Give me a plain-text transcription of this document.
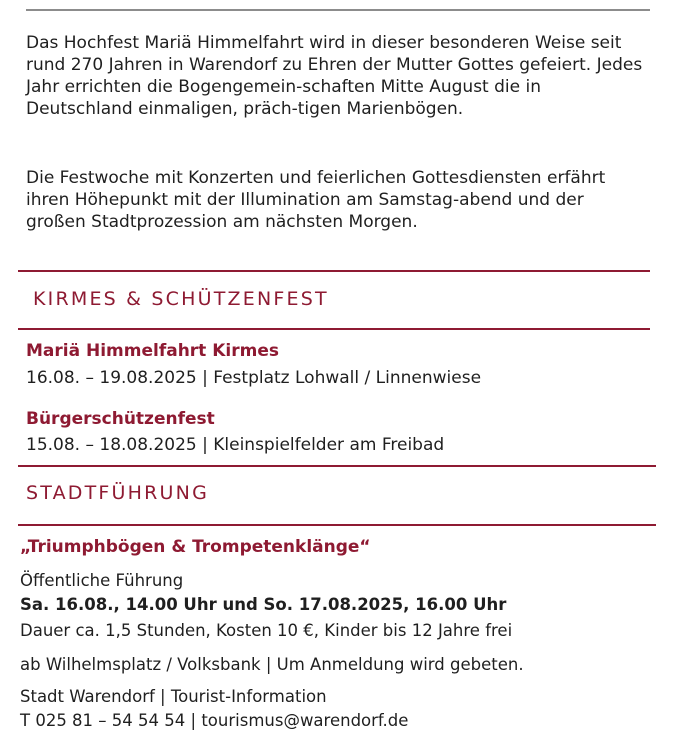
Das Hochfest Mariä Himmelfahrt wird in dieser besonderen Weise seit rund 270 Jahren in Warendorf zu Ehren der Mutter Gottes gefeiert. Jedes Jahr errichten die Bogengemein-schaften Mitte August die in Deutschland einmaligen, präch-tigen Marienbögen.

Die Festwoche mit Konzerten und feierlichen Gottesdiensten erfährt ihren Höhepunkt mit der Illumination am Samstag-abend und der großen Stadtprozession am nächsten Morgen.

KIRMES & SCHÜTZENFEST
Mariä Himmelfahrt Kirmes
16.08. – 19.08.2025 | Festplatz Lohwall / Linnenwiese
Bürgerschützenfest
15.08. – 18.08.2025 | Kleinspielfelder am Freibad
STADTFÜHRUNG
„Triumphbögen & Trompetenklänge“
Öffentliche Führung
Sa. 16.08., 14.00 Uhr und So. 17.08.2025, 16.00 Uhr
Dauer ca. 1,5 Stunden, Kosten 10 €, Kinder bis 12 Jahre frei
ab Wilhelmsplatz / Volksbank | Um Anmeldung wird gebeten.
Stadt Warendorf | Tourist-Information
T 025 81 – 54 54 54 | tourismus@warendorf.de
